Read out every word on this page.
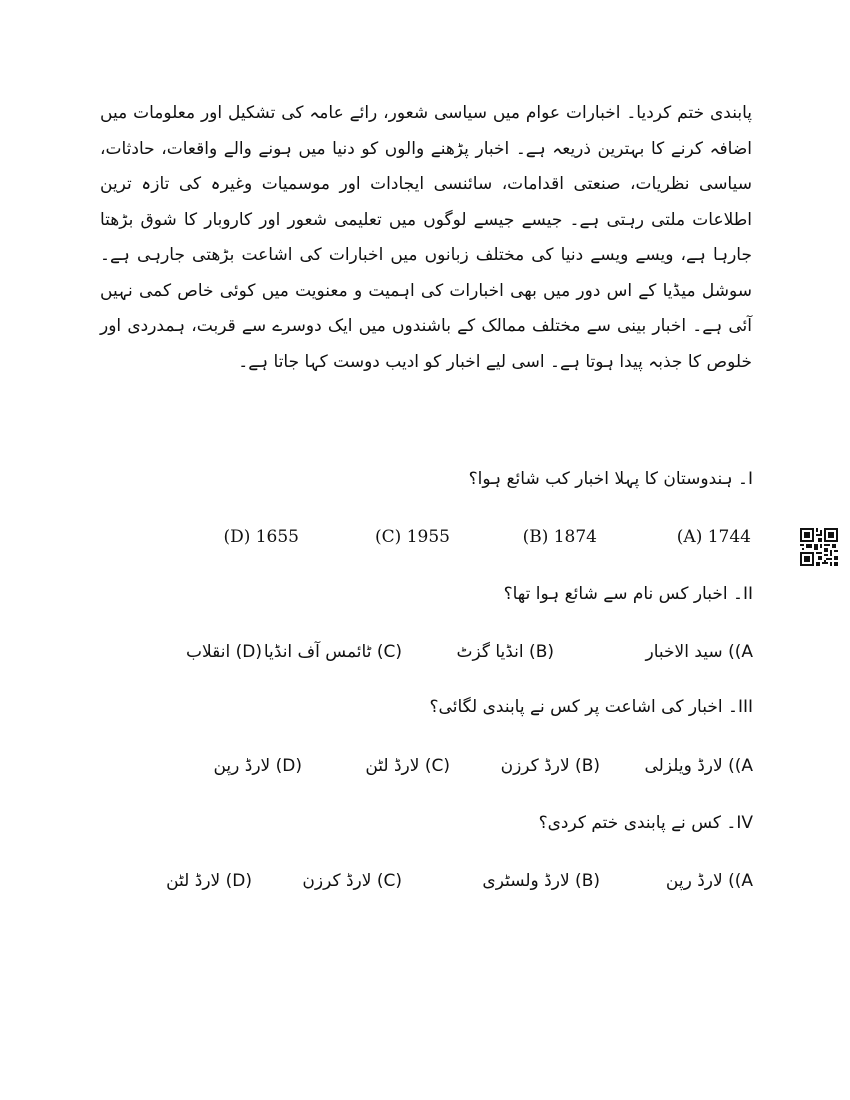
پابندی ختم کردیا۔ اخبارات عوام میں سیاسی شعور، رائے عامہ کی تشکیل اور معلومات میں اضافہ کرنے کا بہترین ذریعہ ہے۔ اخبار پڑھنے والوں کو دنیا میں ہونے والے واقعات، حادثات، سیاسی نظریات، صنعتی اقدامات، سائنسی ایجادات اور موسمیات وغیرہ کی تازہ ترین اطلاعات ملتی رہتی ہے۔ جیسے جیسے لوگوں میں تعلیمی شعور اور کاروبار کا شوق بڑھتا جارہا ہے، ویسے ویسے دنیا کی مختلف زبانوں میں اخبارات کی اشاعت بڑھتی جارہی ہے۔ سوشل میڈیا کے اس دور میں بھی اخبارات کی اہمیت و معنویت میں کوئی خاص کمی نہیں آئی ہے۔ اخبار بینی سے مختلف ممالک کے باشندوں میں ایک دوسرے سے قربت، ہمدردی اور خلوص کا جذبہ پیدا ہوتا ہے۔ اسی لیے اخبار کو ادیب دوست کہا جاتا ہے۔
I۔ ہندوستان کا پہلا اخبار کب شائع ہوا؟
(A) 1744
(B) 1874
(C) 1955
(D) 1655
II۔ اخبار کس نام سے شائع ہوا تھا؟
A)) سید الاخبار
(B) انڈیا گزٹ
(C) ٹائمس آف انڈیا
(D) انقلاب
III۔ اخبار کی اشاعت پر کس نے پابندی لگائی؟
A)) لارڈ ویلزلی
(B) لارڈ کرزن
(C) لارڈ لٹن
(D) لارڈ رپن
IV۔ کس نے پابندی ختم کردی؟
A)) لارڈ رپن
(B) لارڈ ولسٹری
(C) لارڈ کرزن
(D) لارڈ لٹن
